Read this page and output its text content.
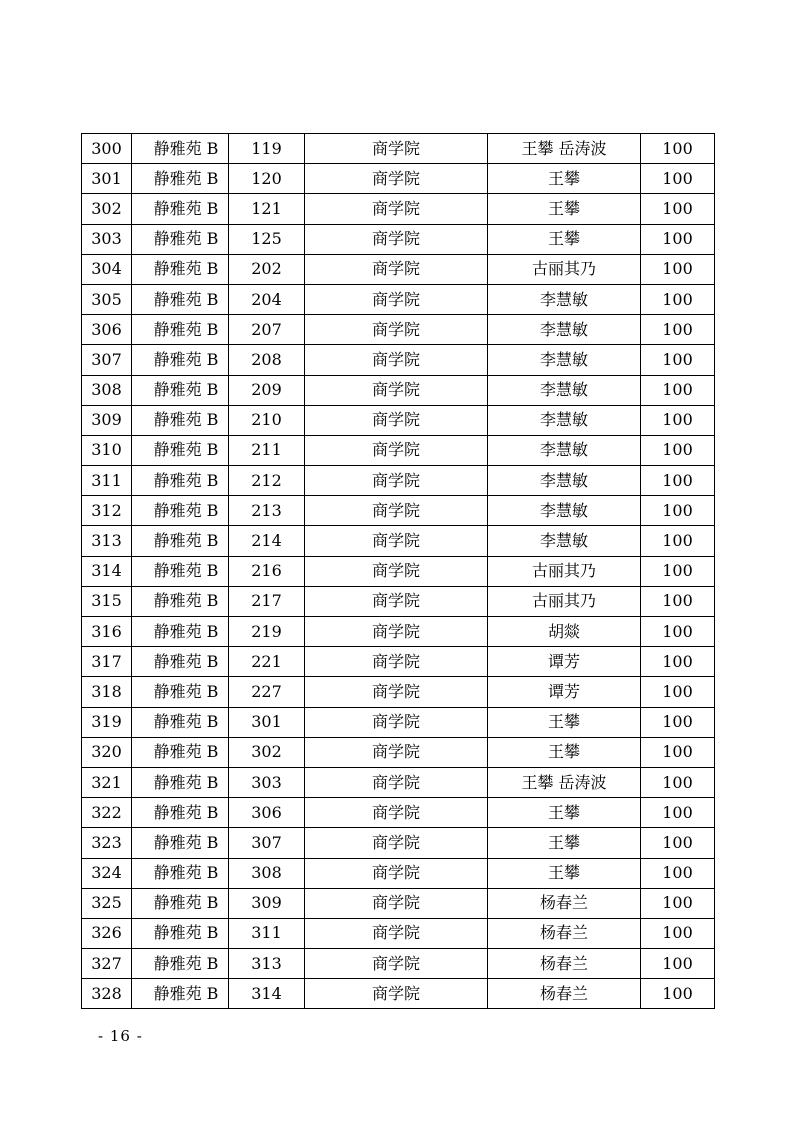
300	静雅苑 B	119	商学院	王攀 岳涛波	100
301	静雅苑 B	120	商学院	王攀	100
302	静雅苑 B	121	商学院	王攀	100
303	静雅苑 B	125	商学院	王攀	100
304	静雅苑 B	202	商学院	古丽其乃	100
305	静雅苑 B	204	商学院	李慧敏	100
306	静雅苑 B	207	商学院	李慧敏	100
307	静雅苑 B	208	商学院	李慧敏	100
308	静雅苑 B	209	商学院	李慧敏	100
309	静雅苑 B	210	商学院	李慧敏	100
310	静雅苑 B	211	商学院	李慧敏	100
311	静雅苑 B	212	商学院	李慧敏	100
312	静雅苑 B	213	商学院	李慧敏	100
313	静雅苑 B	214	商学院	李慧敏	100
314	静雅苑 B	216	商学院	古丽其乃	100
315	静雅苑 B	217	商学院	古丽其乃	100
316	静雅苑 B	219	商学院	胡燚	100
317	静雅苑 B	221	商学院	谭芳	100
318	静雅苑 B	227	商学院	谭芳	100
319	静雅苑 B	301	商学院	王攀	100
320	静雅苑 B	302	商学院	王攀	100
321	静雅苑 B	303	商学院	王攀 岳涛波	100
322	静雅苑 B	306	商学院	王攀	100
323	静雅苑 B	307	商学院	王攀	100
324	静雅苑 B	308	商学院	王攀	100
325	静雅苑 B	309	商学院	杨春兰	100
326	静雅苑 B	311	商学院	杨春兰	100
327	静雅苑 B	313	商学院	杨春兰	100
328	静雅苑 B	314	商学院	杨春兰	100
- 16 -
